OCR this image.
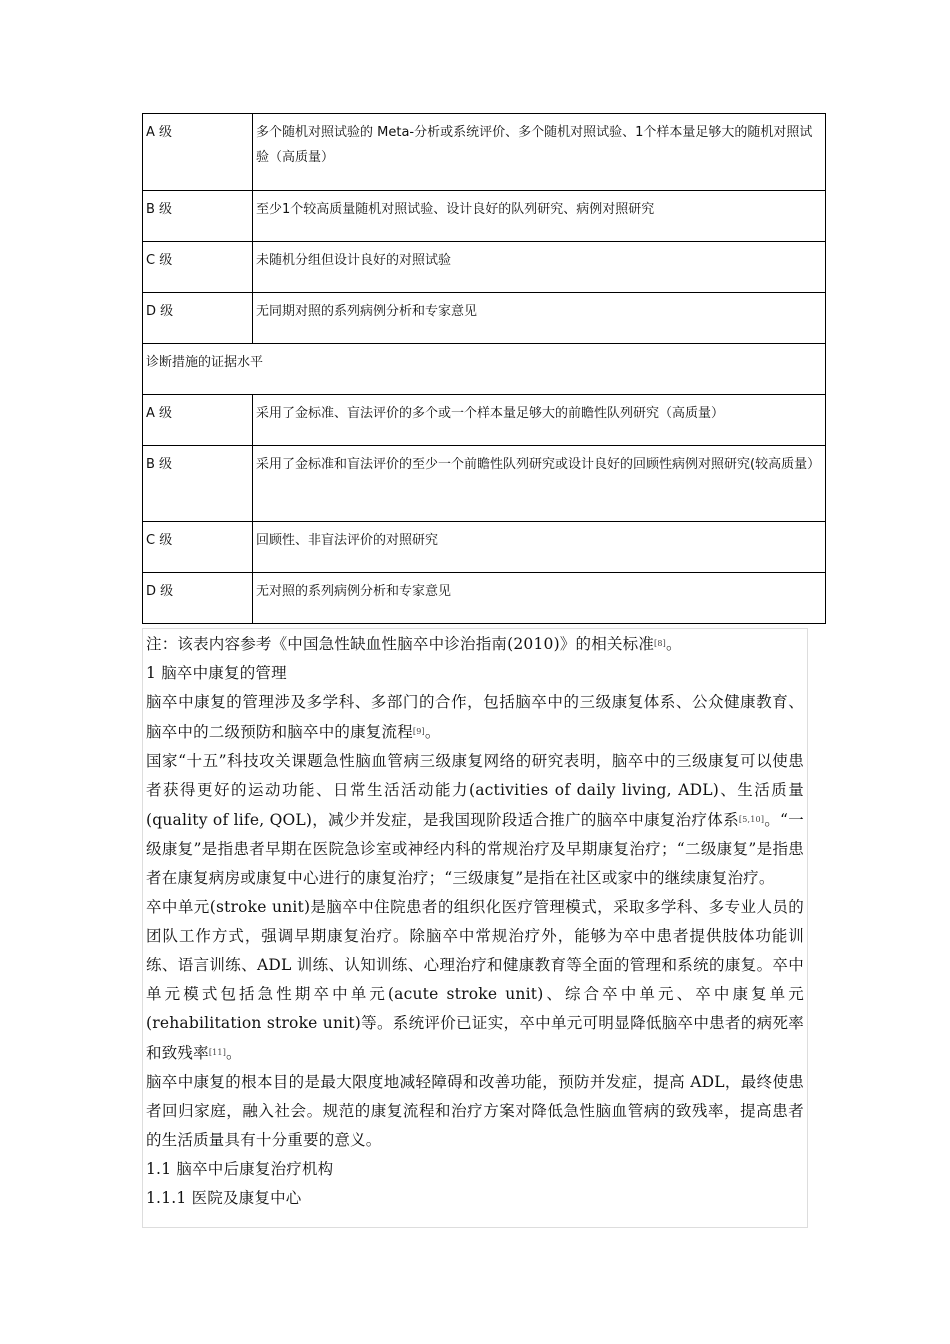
A 级	多个随机对照试验的 Meta-分析或系统评价、多个随机对照试验、1个样本量足够大的随机对照试验（高质量）
B 级	至少1个较高质量随机对照试验、设计良好的队列研究、病例对照研究
C 级	未随机分组但设计良好的对照试验
D 级	无同期对照的系列病例分析和专家意见
诊断措施的证据水平	
A 级	采用了金标准、盲法评价的多个或一个样本量足够大的前瞻性队列研究（高质量）
B 级	采用了金标准和盲法评价的至少一个前瞻性队列研究或设计良好的回顾性病例对照研究(较高质量）
C 级	回顾性、非盲法评价的对照研究
D 级	无对照的系列病例分析和专家意见

注：该表内容参考《中国急性缺血性脑卒中诊治指南(2010)》的相关标准[8]。

1 脑卒中康复的管理

脑卒中康复的管理涉及多学科、多部门的合作，包括脑卒中的三级康复体系、公众健康教育、脑卒中的二级预防和脑卒中的康复流程[9]。

国家“十五”科技攻关课题急性脑血管病三级康复网络的研究表明，脑卒中的三级康复可以使患者获得更好的运动功能、日常生活活动能力(activities of daily living, ADL)、生活质量(quality of life, QOL)，减少并发症，是我国现阶段适合推广的脑卒中康复治疗体系[5,10]。“一级康复”是指患者早期在医院急诊室或神经内科的常规治疗及早期康复治疗；“二级康复”是指患者在康复病房或康复中心进行的康复治疗；“三级康复”是指在社区或家中的继续康复治疗。

卒中单元(stroke unit)是脑卒中住院患者的组织化医疗管理模式，采取多学科、多专业人员的团队工作方式，强调早期康复治疗。除脑卒中常规治疗外，能够为卒中患者提供肢体功能训练、语言训练、ADL 训练、认知训练、心理治疗和健康教育等全面的管理和系统的康复。卒中单元模式包括急性期卒中单元(acute stroke unit)、综合卒中单元、卒中康复单元(rehabilitation stroke unit)等。系统评价已证实，卒中单元可明显降低脑卒中患者的病死率和致残率[11]。

脑卒中康复的根本目的是最大限度地减轻障碍和改善功能，预防并发症，提高 ADL，最终使患者回归家庭，融入社会。规范的康复流程和治疗方案对降低急性脑血管病的致残率，提高患者的生活质量具有十分重要的意义。

1.1 脑卒中后康复治疗机构

1.1.1 医院及康复中心
